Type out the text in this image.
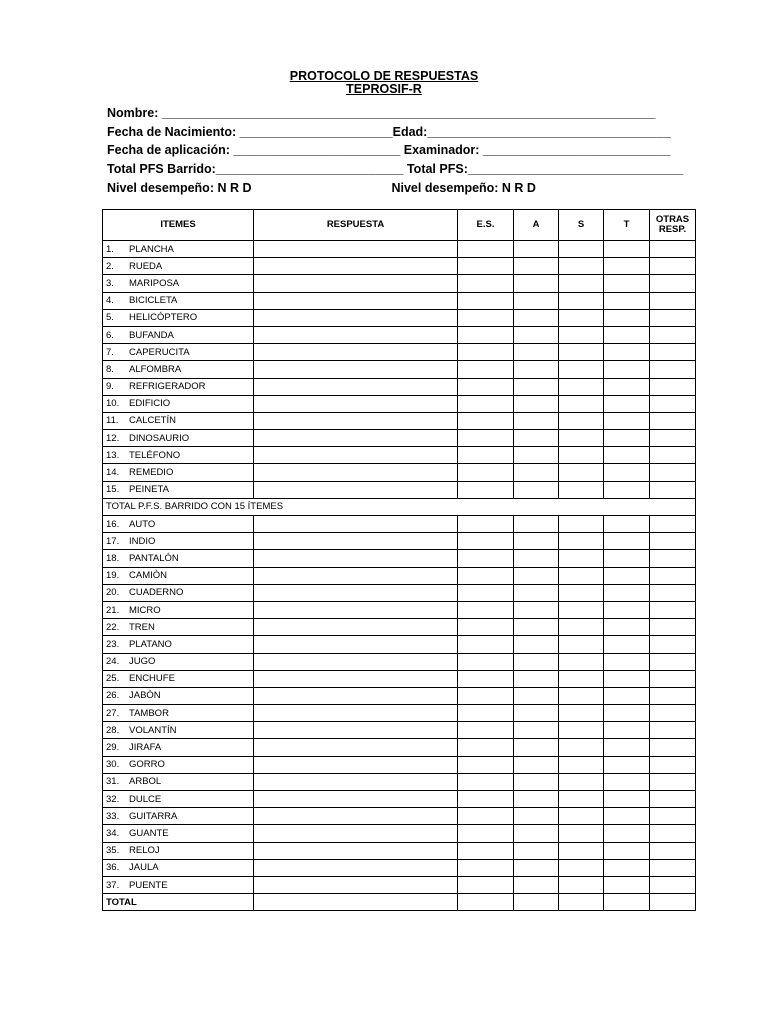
PROTOCOLO DE RESPUESTAS
TEPROSIF-R
Nombre: _______________________________________________________________________
Fecha de Nacimiento: ______________________Edad:___________________________________
Fecha de aplicación: ________________________ Examinador: ___________________________
Total PFS Barrido:___________________________ Total PFS:_______________________________
Nivel desempeño: N R D	Nivel desempeño: N R D
ITEMES	RESPUESTA	E.S.	A	S	T	OTRAS
RESP.

1. PLANCHA						
2. RUEDA						
3. MARIPOSA						
4. BICICLETA						
5. HELICÓPTERO						
6. BUFANDA						
7. CAPERUCITA						
8. ALFOMBRA						
9. REFRIGERADOR						
10. EDIFICIO						
11. CALCETÍN						
12. DINOSAURIO						
13. TELÉFONO						
14. REMEDIO						
15. PEINETA						
TOTAL P.F.S. BARRIDO CON 15 ÍTEMES						
16. AUTO						
17. INDIO						
18. PANTALÓN						
19. CAMIÒN						
20. CUADERNO						
21. MICRO						
22. TREN						
23. PLATANO						
24. JUGO						
25. ENCHUFE						
26. JABÒN						
27. TAMBOR						
28. VOLANTÍN						
29. JIRAFA						
30. GORRO						
31. ARBOL						
32. DULCE						
33. GUITARRA						
34. GUANTE						
35. RELOJ						
36. JAULA						
37. PUENTE						
TOTAL						
